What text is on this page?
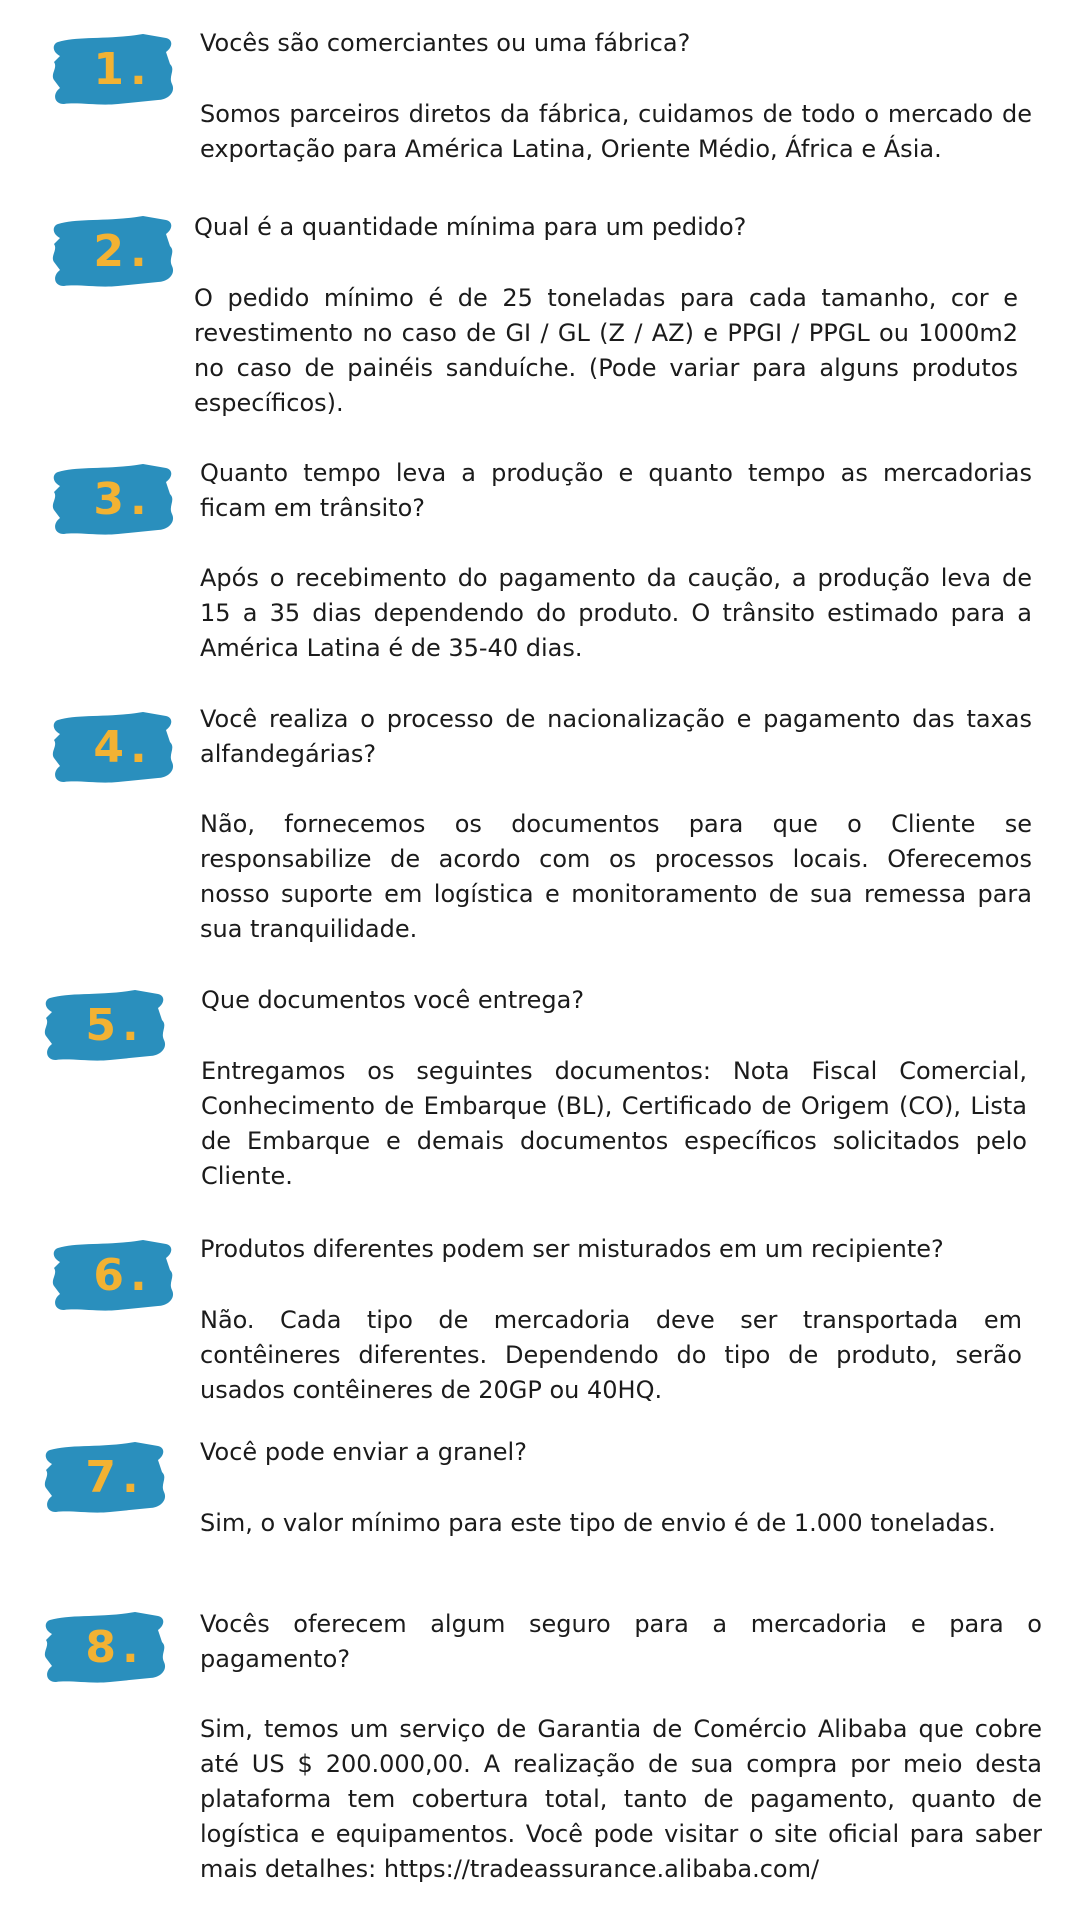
1.
Vocês são comerciantes ou uma fábrica?

Somos parceiros diretos da fábrica, cuidamos de todo o mercado de exportação para América Latina, Oriente Médio, África e Ásia.

2.	Qual é a quantidade mínima para um pedido?

O pedido mínimo é de 25 toneladas para cada tamanho, cor e revestimento no caso de GI / GL (Z / AZ) e PPGI / PPGL ou 1000m2 no caso de painéis sanduíche. (Pode variar para alguns produtos específicos).

3.
Quanto tempo leva a produção e quanto tempo as mercadorias ficam em trânsito?

Após o recebimento do pagamento da caução, a produção leva de 15 a 35 dias dependendo do produto. O trânsito estimado para a América Latina é de 35-40 dias.

4.
Você realiza o processo de nacionalização e pagamento das taxas alfandegárias?

Não, fornecemos os documentos para que o Cliente se responsabilize de acordo com os processos locais. Oferecemos nosso suporte em logística e monitoramento de sua remessa para sua tranquilidade.

5.	Que documentos você entrega?

Entregamos os seguintes documentos: Nota Fiscal Comercial, Conhecimento de Embarque (BL), Certificado de Origem (CO), Lista de Embarque e demais documentos específicos solicitados pelo Cliente.

6.
Produtos diferentes podem ser misturados em um recipiente?

Não. Cada tipo de mercadoria deve ser transportada em contêineres diferentes. Dependendo do tipo de produto, serão usados contêineres de 20GP ou 40HQ.

7.	Você pode enviar a granel?

Sim, o valor mínimo para este tipo de envio é de 1.000 toneladas.

8.	Vocês oferecem algum seguro para a mercadoria e para o pagamento?

Sim, temos um serviço de Garantia de Comércio Alibaba que cobre até US $ 200.000,00. A realização de sua compra por meio desta plataforma tem cobertura total, tanto de pagamento, quanto de logística e equipamentos. Você pode visitar o site oficial para saber mais detalhes: https://tradeassurance.alibaba.com/
